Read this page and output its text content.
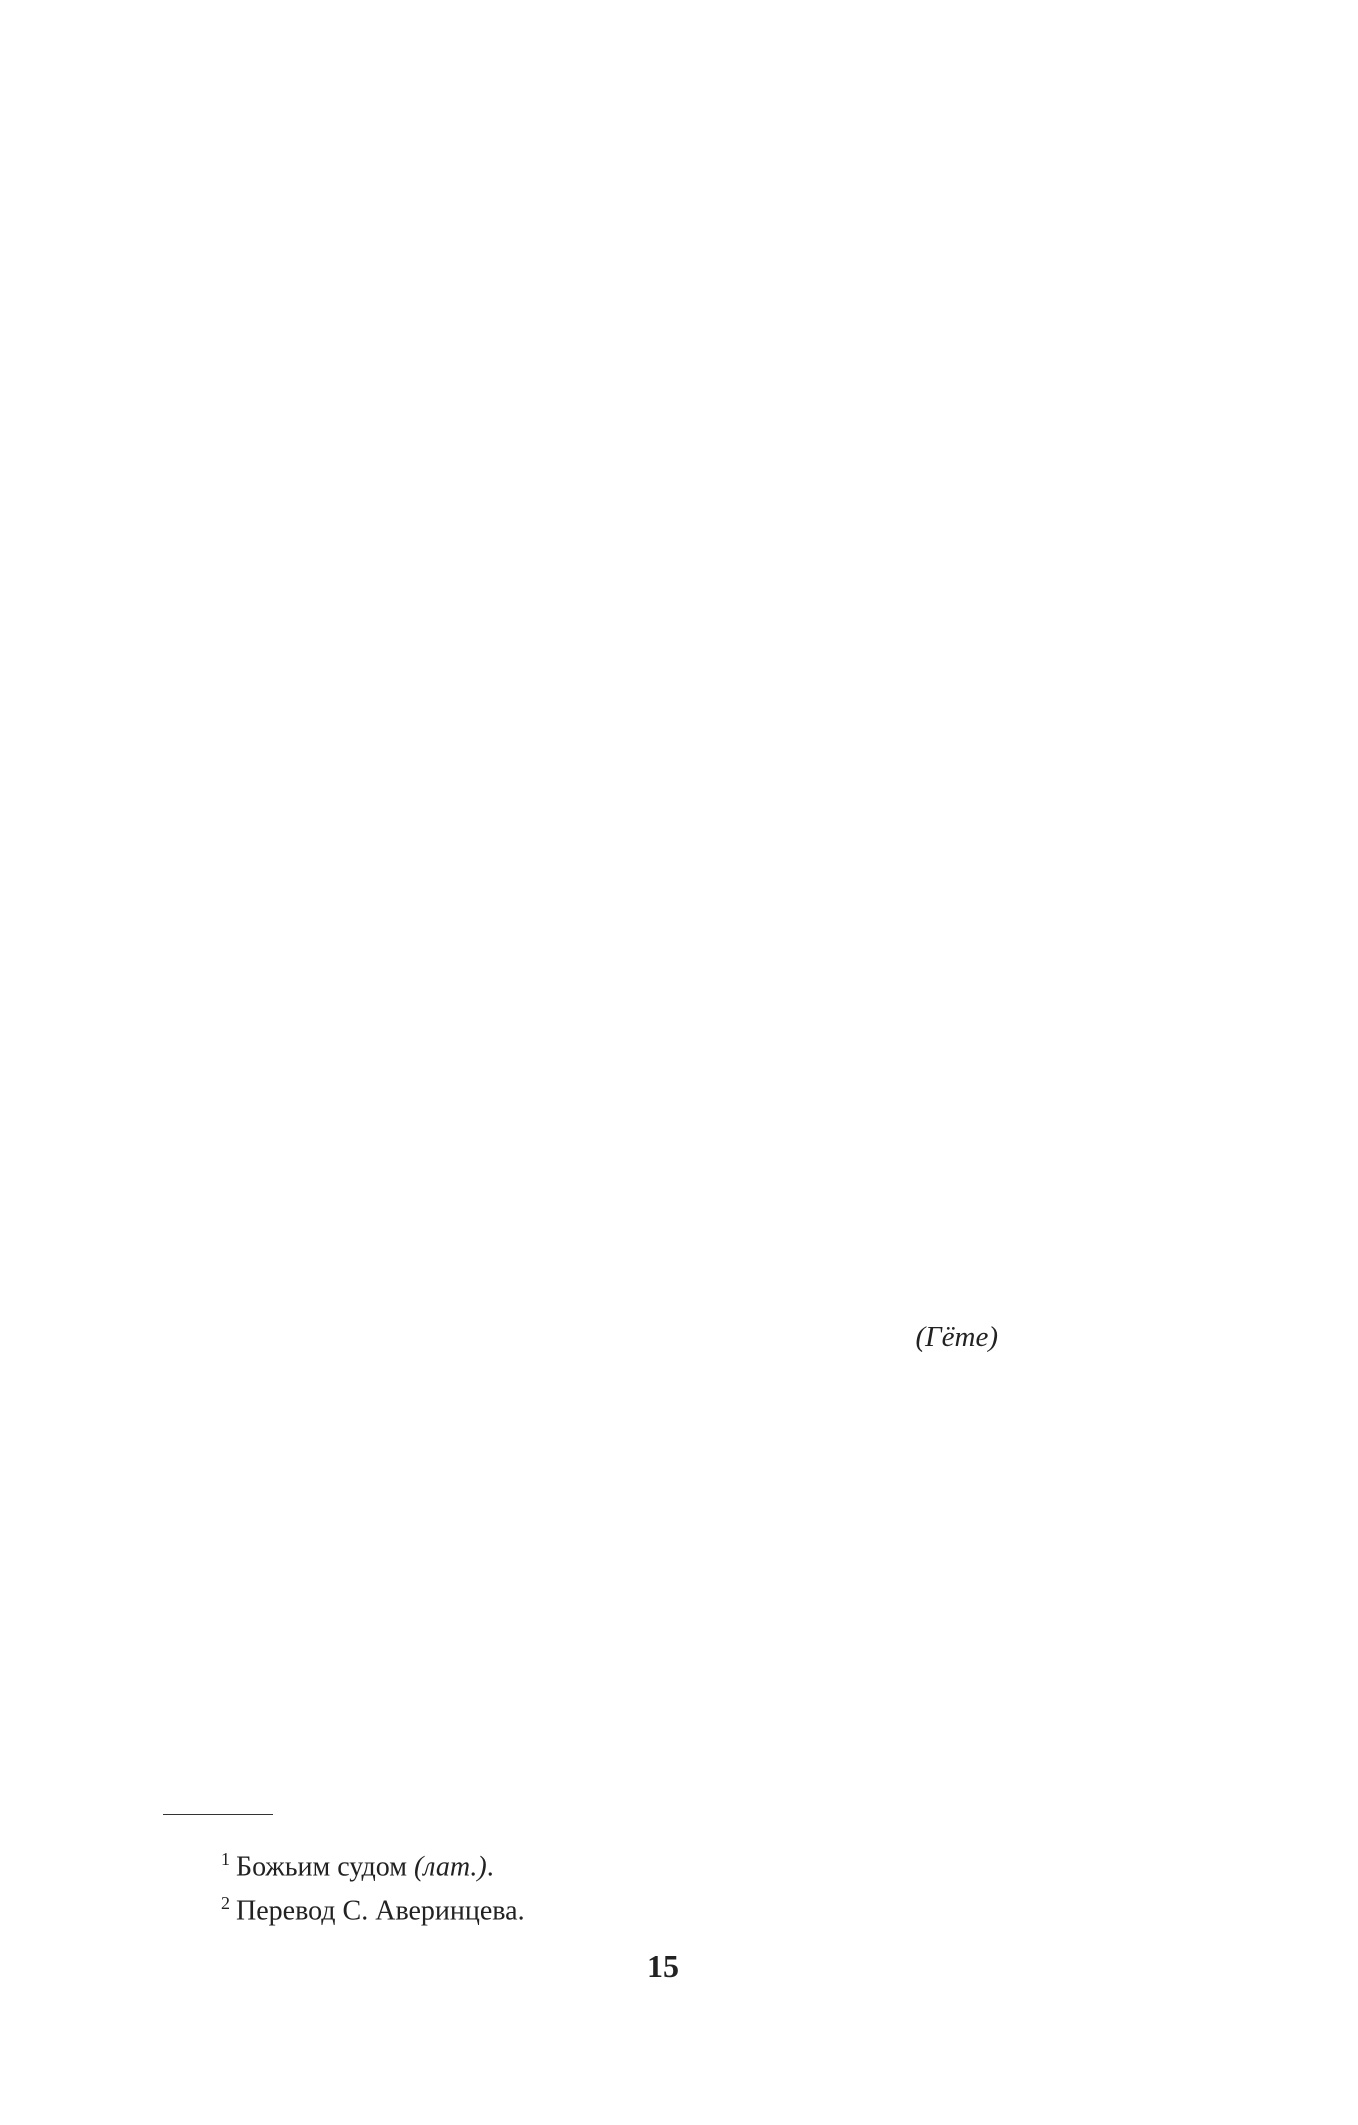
(Гёте)

$^1$ Божьим судом (лат.).
$^2$ Перевод С. Аверинцева.
15
